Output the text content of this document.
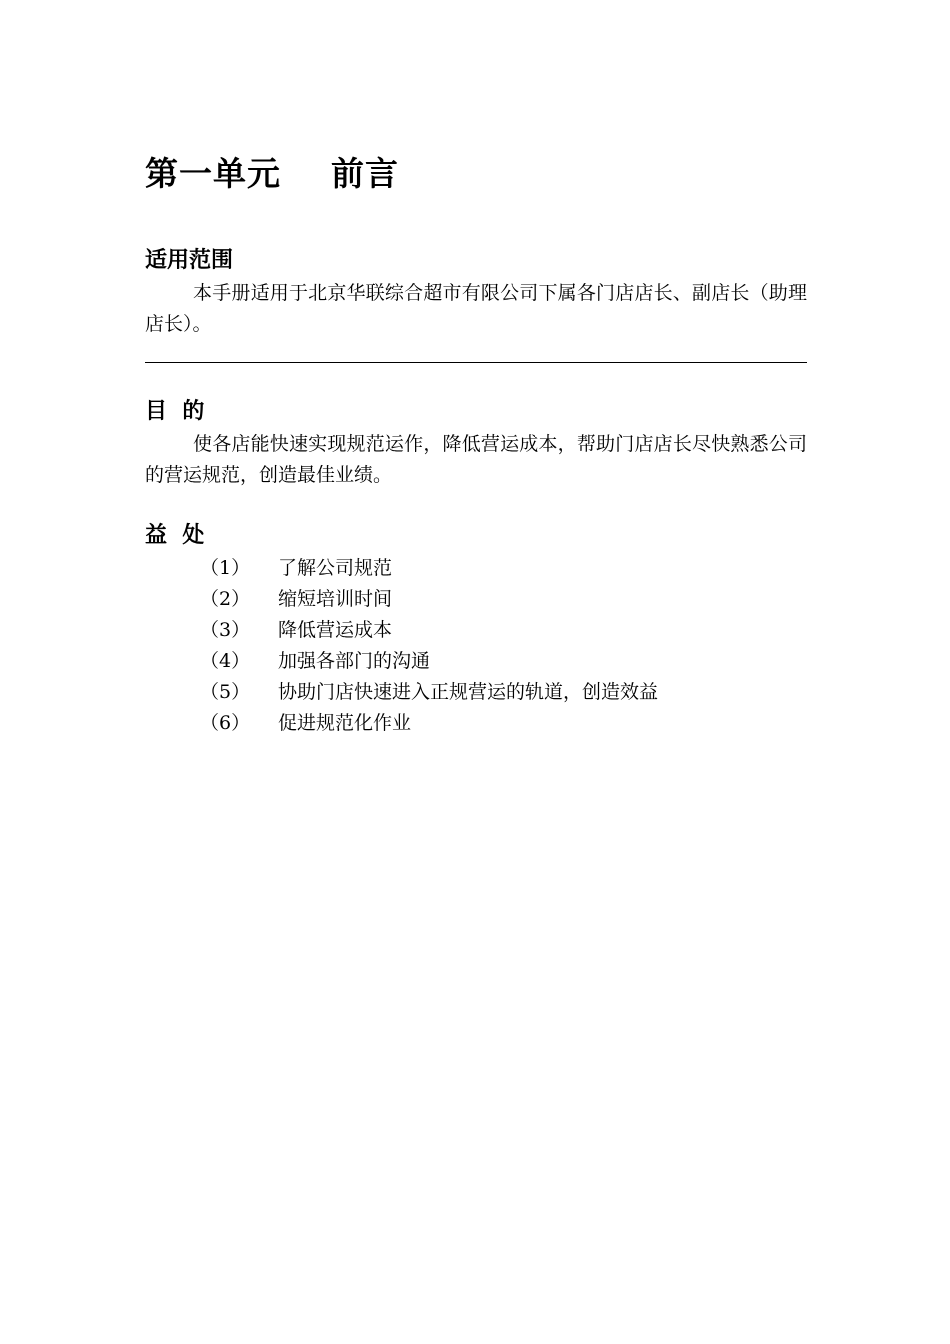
第一单元    前言
适用范围
本手册适用于北京华联综合超市有限公司下属各门店店长、副店长（助理店长）。
目  的
使各店能快速实现规范运作，降低营运成本，帮助门店店长尽快熟悉公司的营运规范，创造最佳业绩。
益  处
（1）	了解公司规范
（2）	缩短培训时间
（3）	降低营运成本
（4）	加强各部门的沟通
（5）	协助门店快速进入正规营运的轨道，创造效益
（6）	促进规范化作业
